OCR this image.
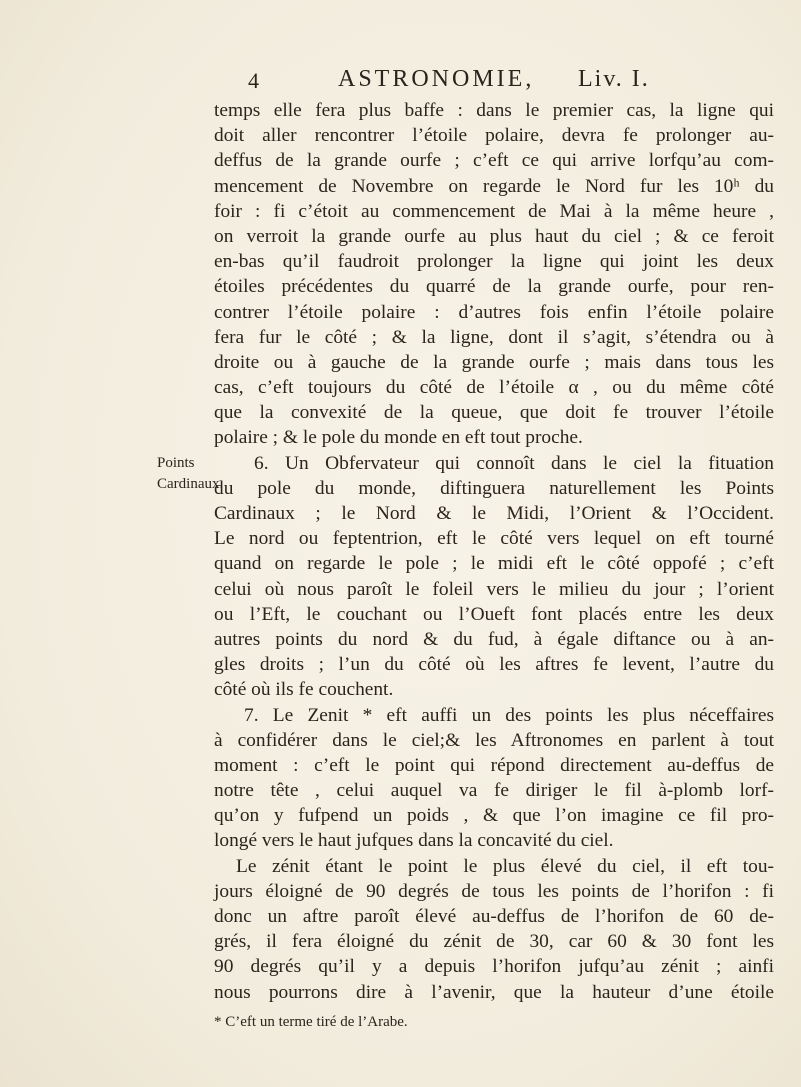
4	ASTRONOMIE, Liv. I.
Points
Cardinaux.
temps elle fera plus baffe : dans le premier cas, la ligne qui
doit aller rencontrer l’étoile polaire, devra fe prolonger au-
deffus de la grande ourfe ; c’eft ce qui arrive lorfqu’au com-
mencement de Novembre on regarde le Nord fur les 10ʰ du
foir : fi c’étoit au commencement de Mai à la même heure ,
on verroit la grande ourfe au plus haut du ciel ; & ce feroit
en-bas qu’il faudroit prolonger la ligne qui joint les deux
étoiles précédentes du quarré de la grande ourfe, pour ren-
contrer l’étoile polaire : d’autres fois enfin l’étoile polaire
fera fur le côté ; & la ligne, dont il s’agit, s’étendra ou à
droite ou à gauche de la grande ourfe ; mais dans tous les
cas, c’eft toujours du côté de l’étoile α , ou du même côté
que la convexité de la queue, que doit fe trouver l’étoile
polaire ; & le pole du monde en eft tout proche.
6. Un Obfervateur qui connoît dans le ciel la fituation
du pole du monde, diftinguera naturellement les Points
Cardinaux ; le Nord & le Midi, l’Orient & l’Occident.
Le nord ou feptentrion, eft le côté vers lequel on eft tourné
quand on regarde le pole ; le midi eft le côté oppofé ; c’eft
celui où nous paroît le foleil vers le milieu du jour ; l’orient
ou l’Eft, le couchant ou l’Oueft font placés entre les deux
autres points du nord & du fud, à égale diftance ou à an-
gles droits ; l’un du côté où les aftres fe levent, l’autre du
côté où ils fe couchent.
7. Le Zenit * eft auffi un des points les plus néceffaires
à confidérer dans le ciel;& les Aftronomes en parlent à tout
moment : c’eft le point qui répond directement au-deffus de
notre tête , celui auquel va fe diriger le fil à-plomb lorf-
qu’on y fufpend un poids , & que l’on imagine ce fil pro-
longé vers le haut jufques dans la concavité du ciel.
Le zénit étant le point le plus élevé du ciel, il eft tou-
jours éloigné de 90 degrés de tous les points de l’horifon : fi
donc un aftre paroît élevé au-deffus de l’horifon de 60 de-
grés, il fera éloigné du zénit de 30, car 60 & 30 font les
90 degrés qu’il y a depuis l’horifon jufqu’au zénit ; ainfi
nous pourrons dire à l’avenir, que la hauteur d’une étoile
* C’eft un terme tiré de l’Arabe.
